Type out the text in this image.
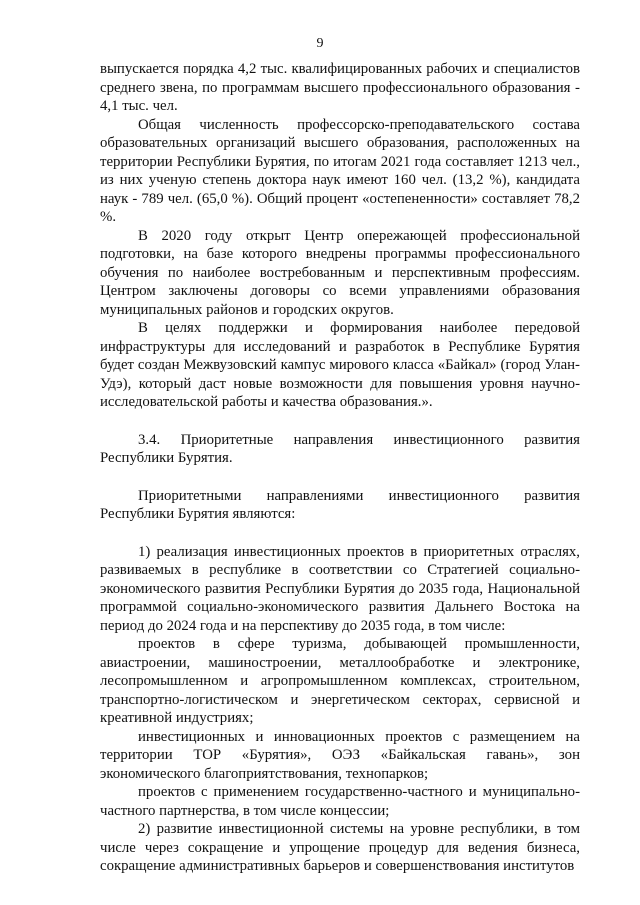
9

выпускается порядка 4,2 тыс. квалифицированных рабочих и специалистов среднего звена, по программам высшего профессионального образования - 4,1 тыс. чел.

Общая численность профессорско-преподавательского состава образовательных организаций высшего образования, расположенных на территории Республики Бурятия, по итогам 2021 года составляет 1213 чел., из них ученую степень доктора наук имеют 160 чел. (13,2 %), кандидата наук - 789 чел. (65,0 %). Общий процент «остепененности» составляет 78,2 %.

В 2020 году открыт Центр опережающей профессиональной подготовки, на базе которого внедрены программы профессионального обучения по наиболее востребованным и перспективным профессиям. Центром заключены договоры со всеми управлениями образования муниципальных районов и городских округов.

В целях поддержки и формирования наиболее передовой инфраструктуры для исследований и разработок в Республике Бурятия будет создан Межвузовский кампус мирового класса «Байкал» (город Улан-Удэ), который даст новые возможности для повышения уровня научно-исследовательской работы и качества образования.».

3.4. Приоритетные направления инвестиционного развития Республики Бурятия.

Приоритетными направлениями инвестиционного развития Республики Бурятия являются:

1) реализация инвестиционных проектов в приоритетных отраслях, развиваемых в республике в соответствии со Стратегией социально-экономического развития Республики Бурятия до 2035 года, Национальной программой социально-экономического развития Дальнего Востока на период до 2024 года и на перспективу до 2035 года, в том числе:

проектов в сфере туризма, добывающей промышленности, авиастроении, машиностроении, металлообработке и электронике, лесопромышленном и агропромышленном комплексах, строительном, транспортно-логистическом и энергетическом секторах, сервисной и креативной индустриях;

инвестиционных и инновационных проектов с размещением на территории ТОР «Бурятия», ОЭЗ «Байкальская гавань», зон экономического благоприятствования, технопарков;

проектов с применением государственно-частного и муниципально-частного партнерства, в том числе концессии;

2) развитие инвестиционной системы на уровне республики, в том числе через сокращение и упрощение процедур для ведения бизнеса, сокращение административных барьеров и совершенствования институтов
